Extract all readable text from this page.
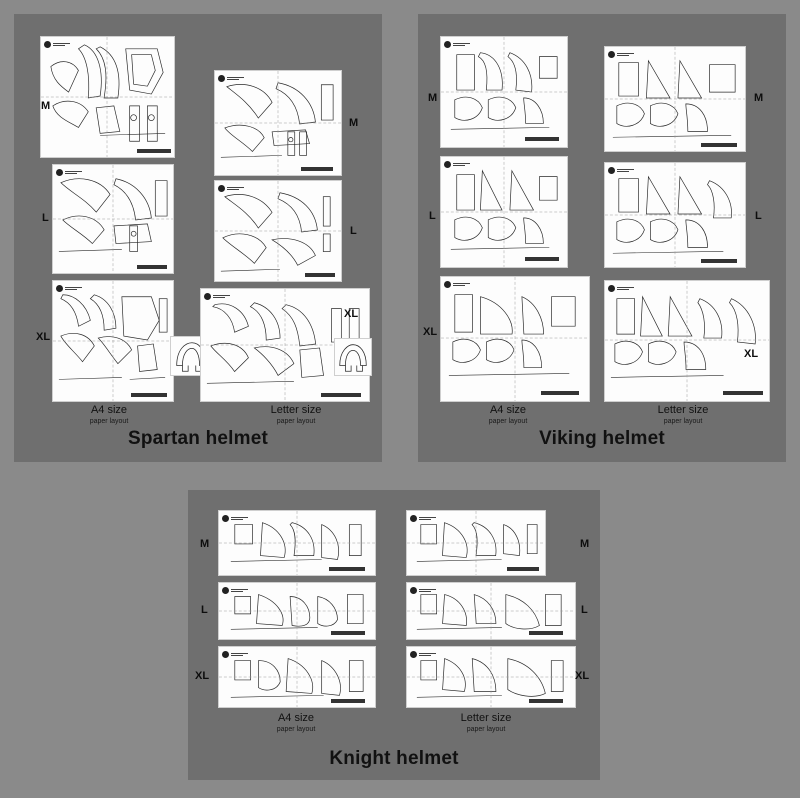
M
L
XL
M
L
XL
A4 size
paper layout
Letter size
paper layout
Spartan helmet
M
L
XL
M
L
XL
A4 size
paper layout
Letter size
paper layout
Viking helmet
M
L
XL
M
L
XL
A4 size
paper layout
Letter size
paper layout
Knight helmet
